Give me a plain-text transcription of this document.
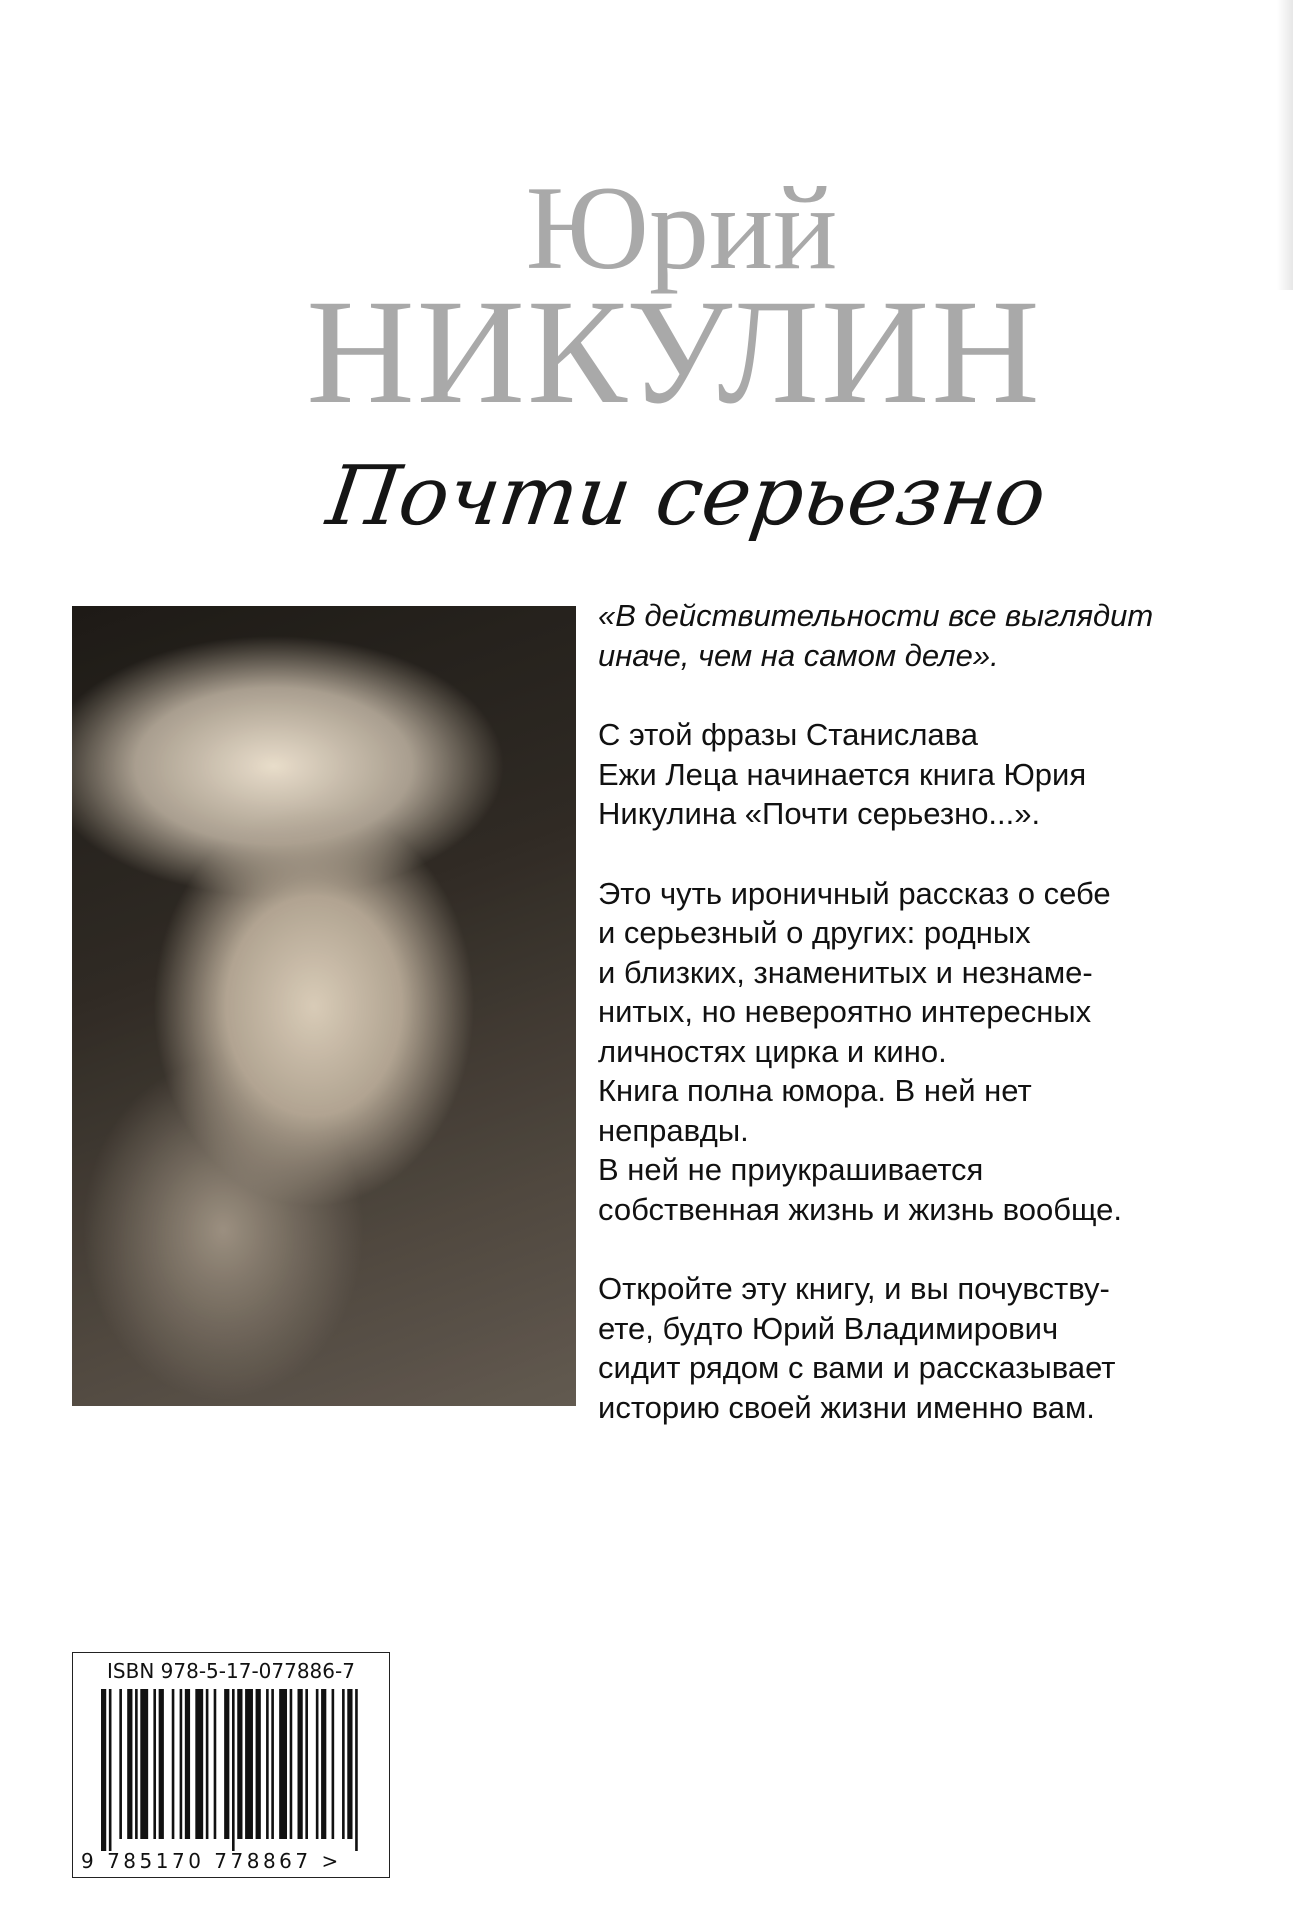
Юрий
НИКУЛИН
Почти серьезно
«В действительности все выглядит
иначе, чем на самом деле».
С этой фразы Станислава
Ежи Леца начинается книга Юрия
Никулина «Почти серьезно...».
Это чуть ироничный рассказ о себе
и серьезный о других: родных
и близких, знаменитых и незнаме-
нитых, но невероятно интересных
личностях цирка и кино.
Книга полна юмора. В ней нет
неправды.
В ней не приукрашивается
собственная жизнь и жизнь вообще.
Откройте эту книгу, и вы почувству-
ете, будто Юрий Владимирович
сидит рядом с вами и рассказывает
историю своей жизни именно вам.
ISBN 978-5-17-077886-7
9 785170 778867 >
